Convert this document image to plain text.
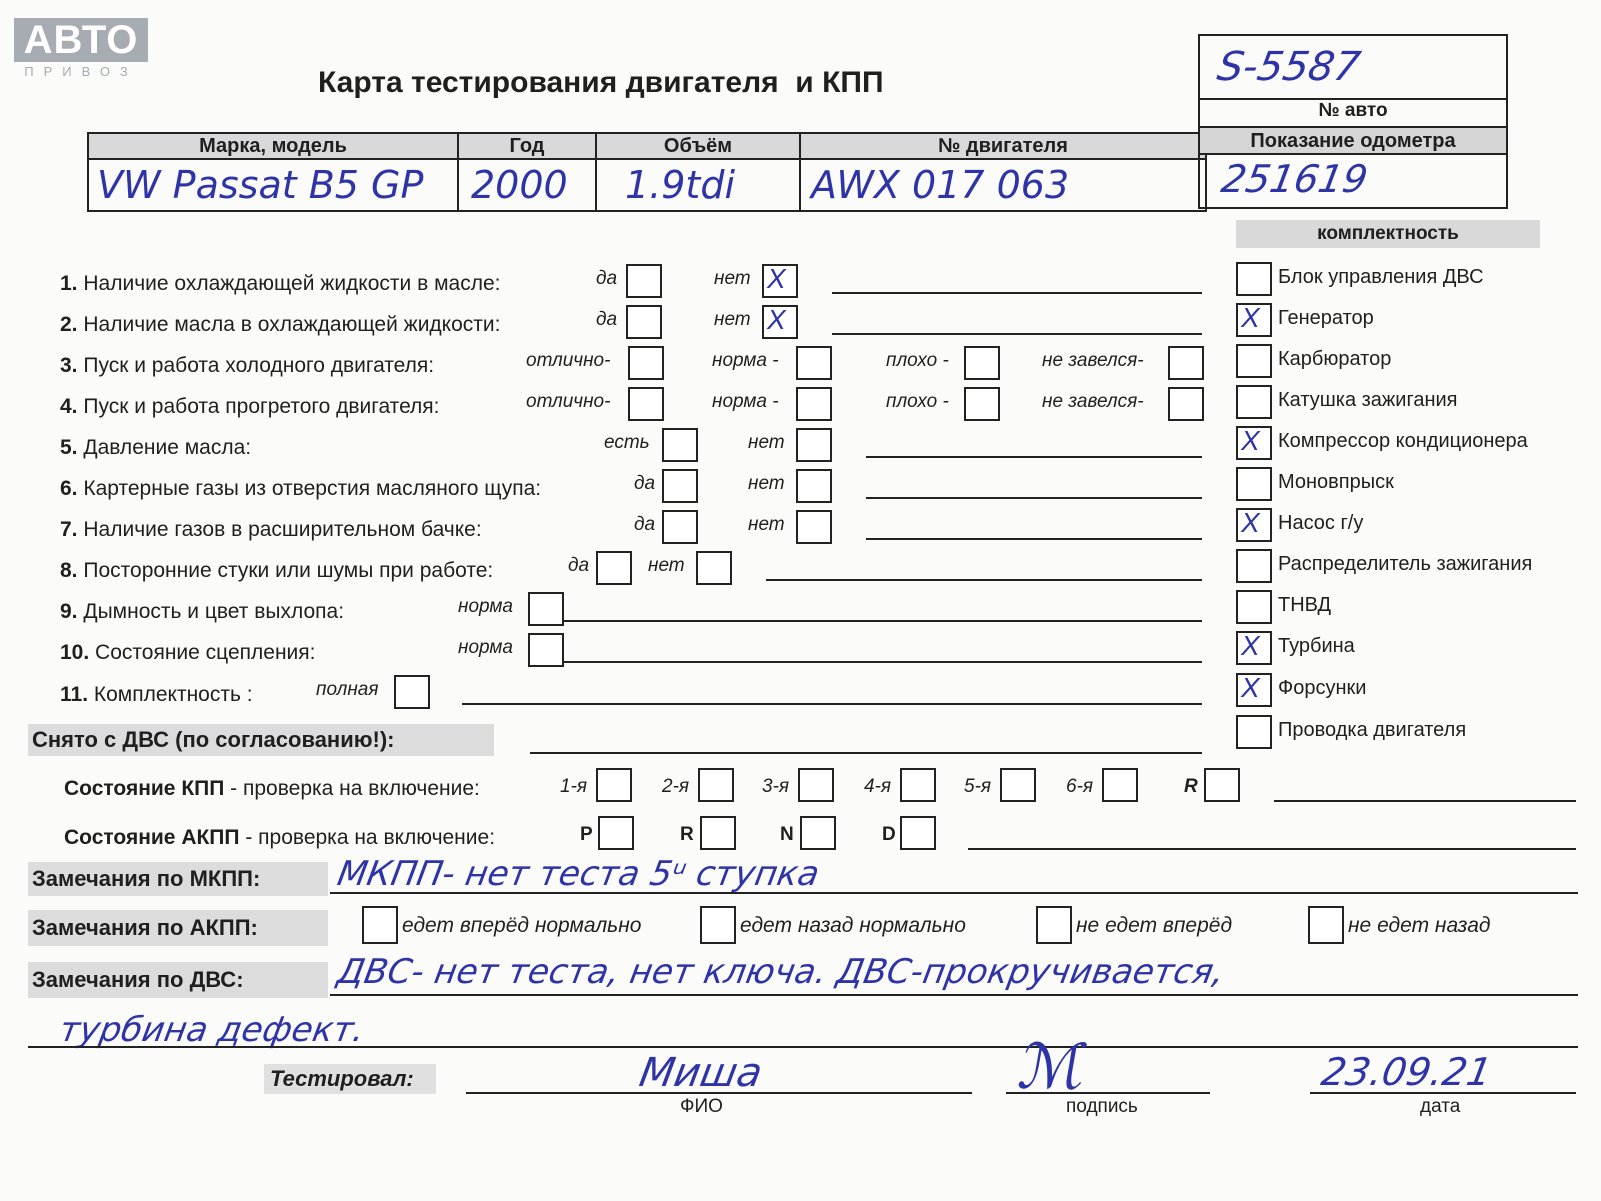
АВТО
ПРИВОЗ	Карта тестирования двигателя  и КПП	S-5587
№ авто
Марка, модель	Год	Объём	№ двигателя
VW Passat B5 GP	2000	1.9tdi	AWX 017 063
Показание одометра
251619
комплектность
1. Наличие охлаждающей жидкости в масле:	да	нет X
2. Наличие масла в охлаждающей жидкости:	да	нет X
3. Пуск и работа холодного двигателя:	отлично-	норма -	плохо -	не завелся-
4. Пуск и работа прогретого двигателя:	отлично-	норма -	плохо -	не завелся-
5. Давление масла:	есть	нет
6. Картерные газы из отверстия масляного щупа:	да	нет
7. Наличие газов в расширительном бачке:	да	нет
8. Посторонние стуки или шумы при работе:	да	нет
9. Дымность и цвет выхлопа:	норма
10. Состояние сцепления:	норма
11. Комплектность :	полная
Блок управления ДВС
X Генератор
Карбюратор
Катушка зажигания
X Компрессор кондиционера
Моновпрыск
X Насос г/у
Распределитель зажигания
ТНВД
X Турбина
X Форсунки
Проводка двигателя
Снято с ДВС (по согласованию!):
Состояние КПП - проверка на включение:	1-я	2-я	3-я	4-я	5-я	6-я	R
Состояние АКПП - проверка на включение:	P	R	N	D
Замечания по МКПП:	МКПП- нет теста 5ᵘ ступка
Замечания по АКПП:	едет вперёд нормально	едет назад нормально	не едет вперёд	не едет назад
Замечания по ДВС:	ДВС- нет теста, нет ключа. ДВС-прокручивается,
турбина дефект.
Тестировал:	Миша
ФИО
ℳ
подпись
23.09.21
дата
